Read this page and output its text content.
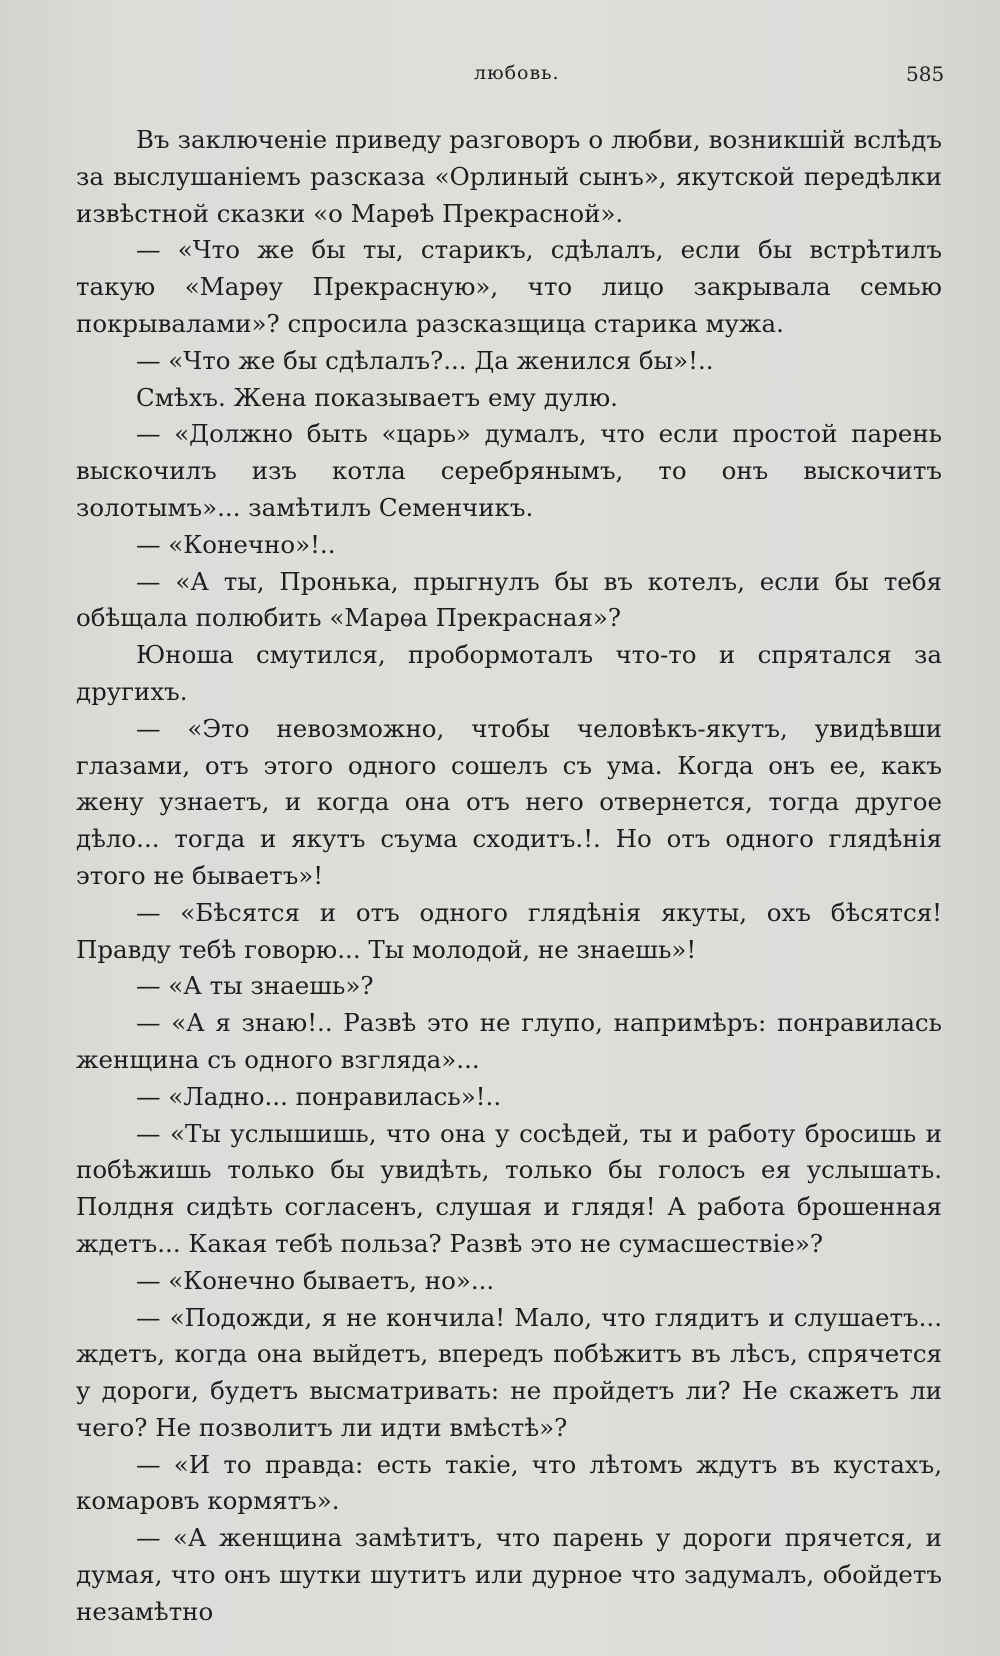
любовь.	585

Въ заключеніе приведу разговоръ о любви, возникшій вслѣдъ за выслушаніемъ разсказа «Орлиный сынъ», якутской передѣлки извѣстной сказки «о Марѳѣ Прекрасной».

— «Что же бы ты, старикъ, сдѣлалъ, если бы встрѣтилъ такую «Марѳу Прекрасную», что лицо закрывала семью покрывалами»? спросила разсказщица старика мужа.

— «Что же бы сдѣлалъ?... Да женился бы»!..

Смѣхъ. Жена показываетъ ему дулю.

— «Должно быть «царь» думалъ, что если простой парень выскочилъ изъ котла серебрянымъ, то онъ выскочитъ золотымъ»... замѣтилъ Семенчикъ.

— «Конечно»!..

— «А ты, Пронька, прыгнулъ бы въ котелъ, если бы тебя обѣщала полюбить «Марѳа Прекрасная»?

Юноша смутился, пробормоталъ что-то и спрятался за другихъ.

— «Это невозможно, чтобы человѣкъ-якутъ, увидѣвши глазами, отъ этого одного сошелъ съ ума. Когда онъ ее, какъ жену узнаетъ, и когда она отъ него отвернется, тогда другое дѣло... тогда и якутъ съума сходитъ.!. Но отъ одного глядѣнія этого не бываетъ»!

— «Бѣсятся и отъ одного глядѣнія якуты, охъ бѣсятся! Правду тебѣ говорю... Ты молодой, не знаешь»!

— «А ты знаешь»?

— «А я знаю!.. Развѣ это не глупо, напримѣръ: понравилась женщина съ одного взгляда»...

— «Ладно... понравилась»!..

— «Ты услышишь, что она у сосѣдей, ты и работу бросишь и побѣжишь только бы увидѣть, только бы голосъ ея услышать. Полдня сидѣть согласенъ, слушая и глядя! А работа брошенная ждетъ... Какая тебѣ польза? Развѣ это не сумасшествіе»?

— «Конечно бываетъ, но»...

— «Подожди, я не кончила! Мало, что глядитъ и слушаетъ... ждетъ, когда она выйдетъ, впередъ побѣжитъ въ лѣсъ, спрячется у дороги, будетъ высматривать: не пройдетъ ли? Не скажетъ ли чего? Не позволитъ ли идти вмѣстѣ»?

— «И то правда: есть такіе, что лѣтомъ ждутъ въ кустахъ, комаровъ кормятъ».

— «А женщина замѣтитъ, что парень у дороги прячется, и думая, что онъ шутки шутитъ или дурное что задумалъ, обойдетъ незамѣтно
